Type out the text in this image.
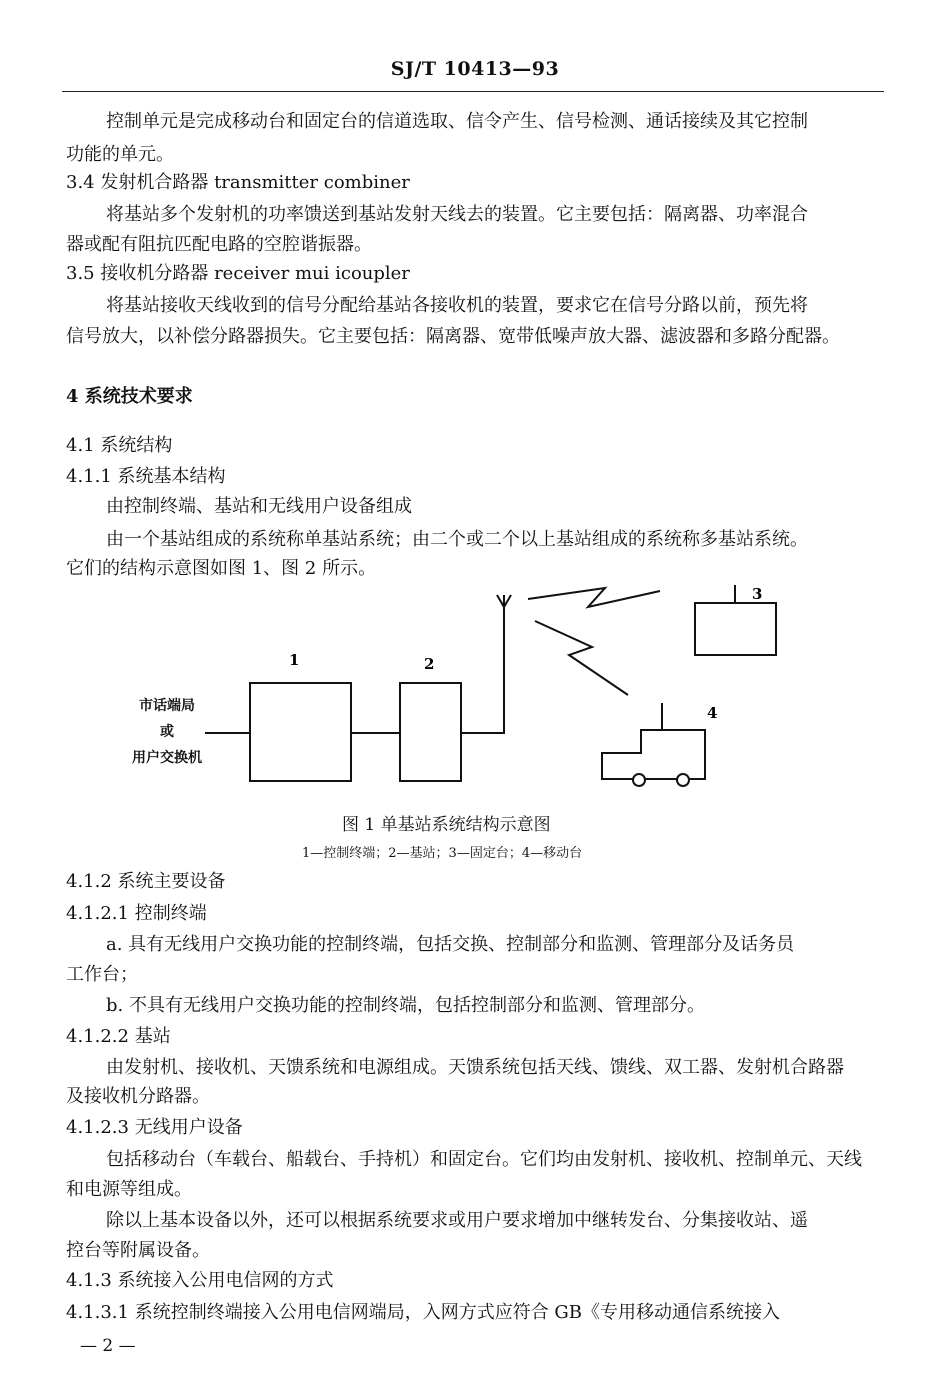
SJ/T 10413—93
控制单元是完成移动台和固定台的信道选取、信令产生、信号检测、通话接续及其它控制
功能的单元。
3.4 发射机合路器 transmitter combiner
将基站多个发射机的功率馈送到基站发射天线去的装置。它主要包括：隔离器、功率混合
器或配有阻抗匹配电路的空腔谐振器。
3.5 接收机分路器 receiver mui icoupler
将基站接收天线收到的信号分配给基站各接收机的装置，要求它在信号分路以前，预先将
信号放大，以补偿分路器损失。它主要包括：隔离器、宽带低噪声放大器、滤波器和多路分配器。
4 系统技术要求
4.1 系统结构
4.1.1 系统基本结构
由控制终端、基站和无线用户设备组成
由一个基站组成的系统称单基站系统；由二个或二个以上基站组成的系统称多基站系统。
它们的结构示意图如图 1、图 2 所示。
1	2
3
4
市话端局
或
用户交换机
图 1 单基站系统结构示意图
1—控制终端；2—基站；3—固定台；4—移动台
4.1.2 系统主要设备
4.1.2.1 控制终端
a. 具有无线用户交换功能的控制终端，包括交换、控制部分和监测、管理部分及话务员
工作台；
b. 不具有无线用户交换功能的控制终端，包括控制部分和监测、管理部分。
4.1.2.2 基站
由发射机、接收机、天馈系统和电源组成。天馈系统包括天线、馈线、双工器、发射机合路器
及接收机分路器。
4.1.2.3 无线用户设备
包括移动台（车载台、船载台、手持机）和固定台。它们均由发射机、接收机、控制单元、天线
和电源等组成。
除以上基本设备以外，还可以根据系统要求或用户要求增加中继转发台、分集接收站、遥
控台等附属设备。
4.1.3 系统接入公用电信网的方式
4.1.3.1 系统控制终端接入公用电信网端局，入网方式应符合 GB《专用移动通信系统接入
— 2 —
